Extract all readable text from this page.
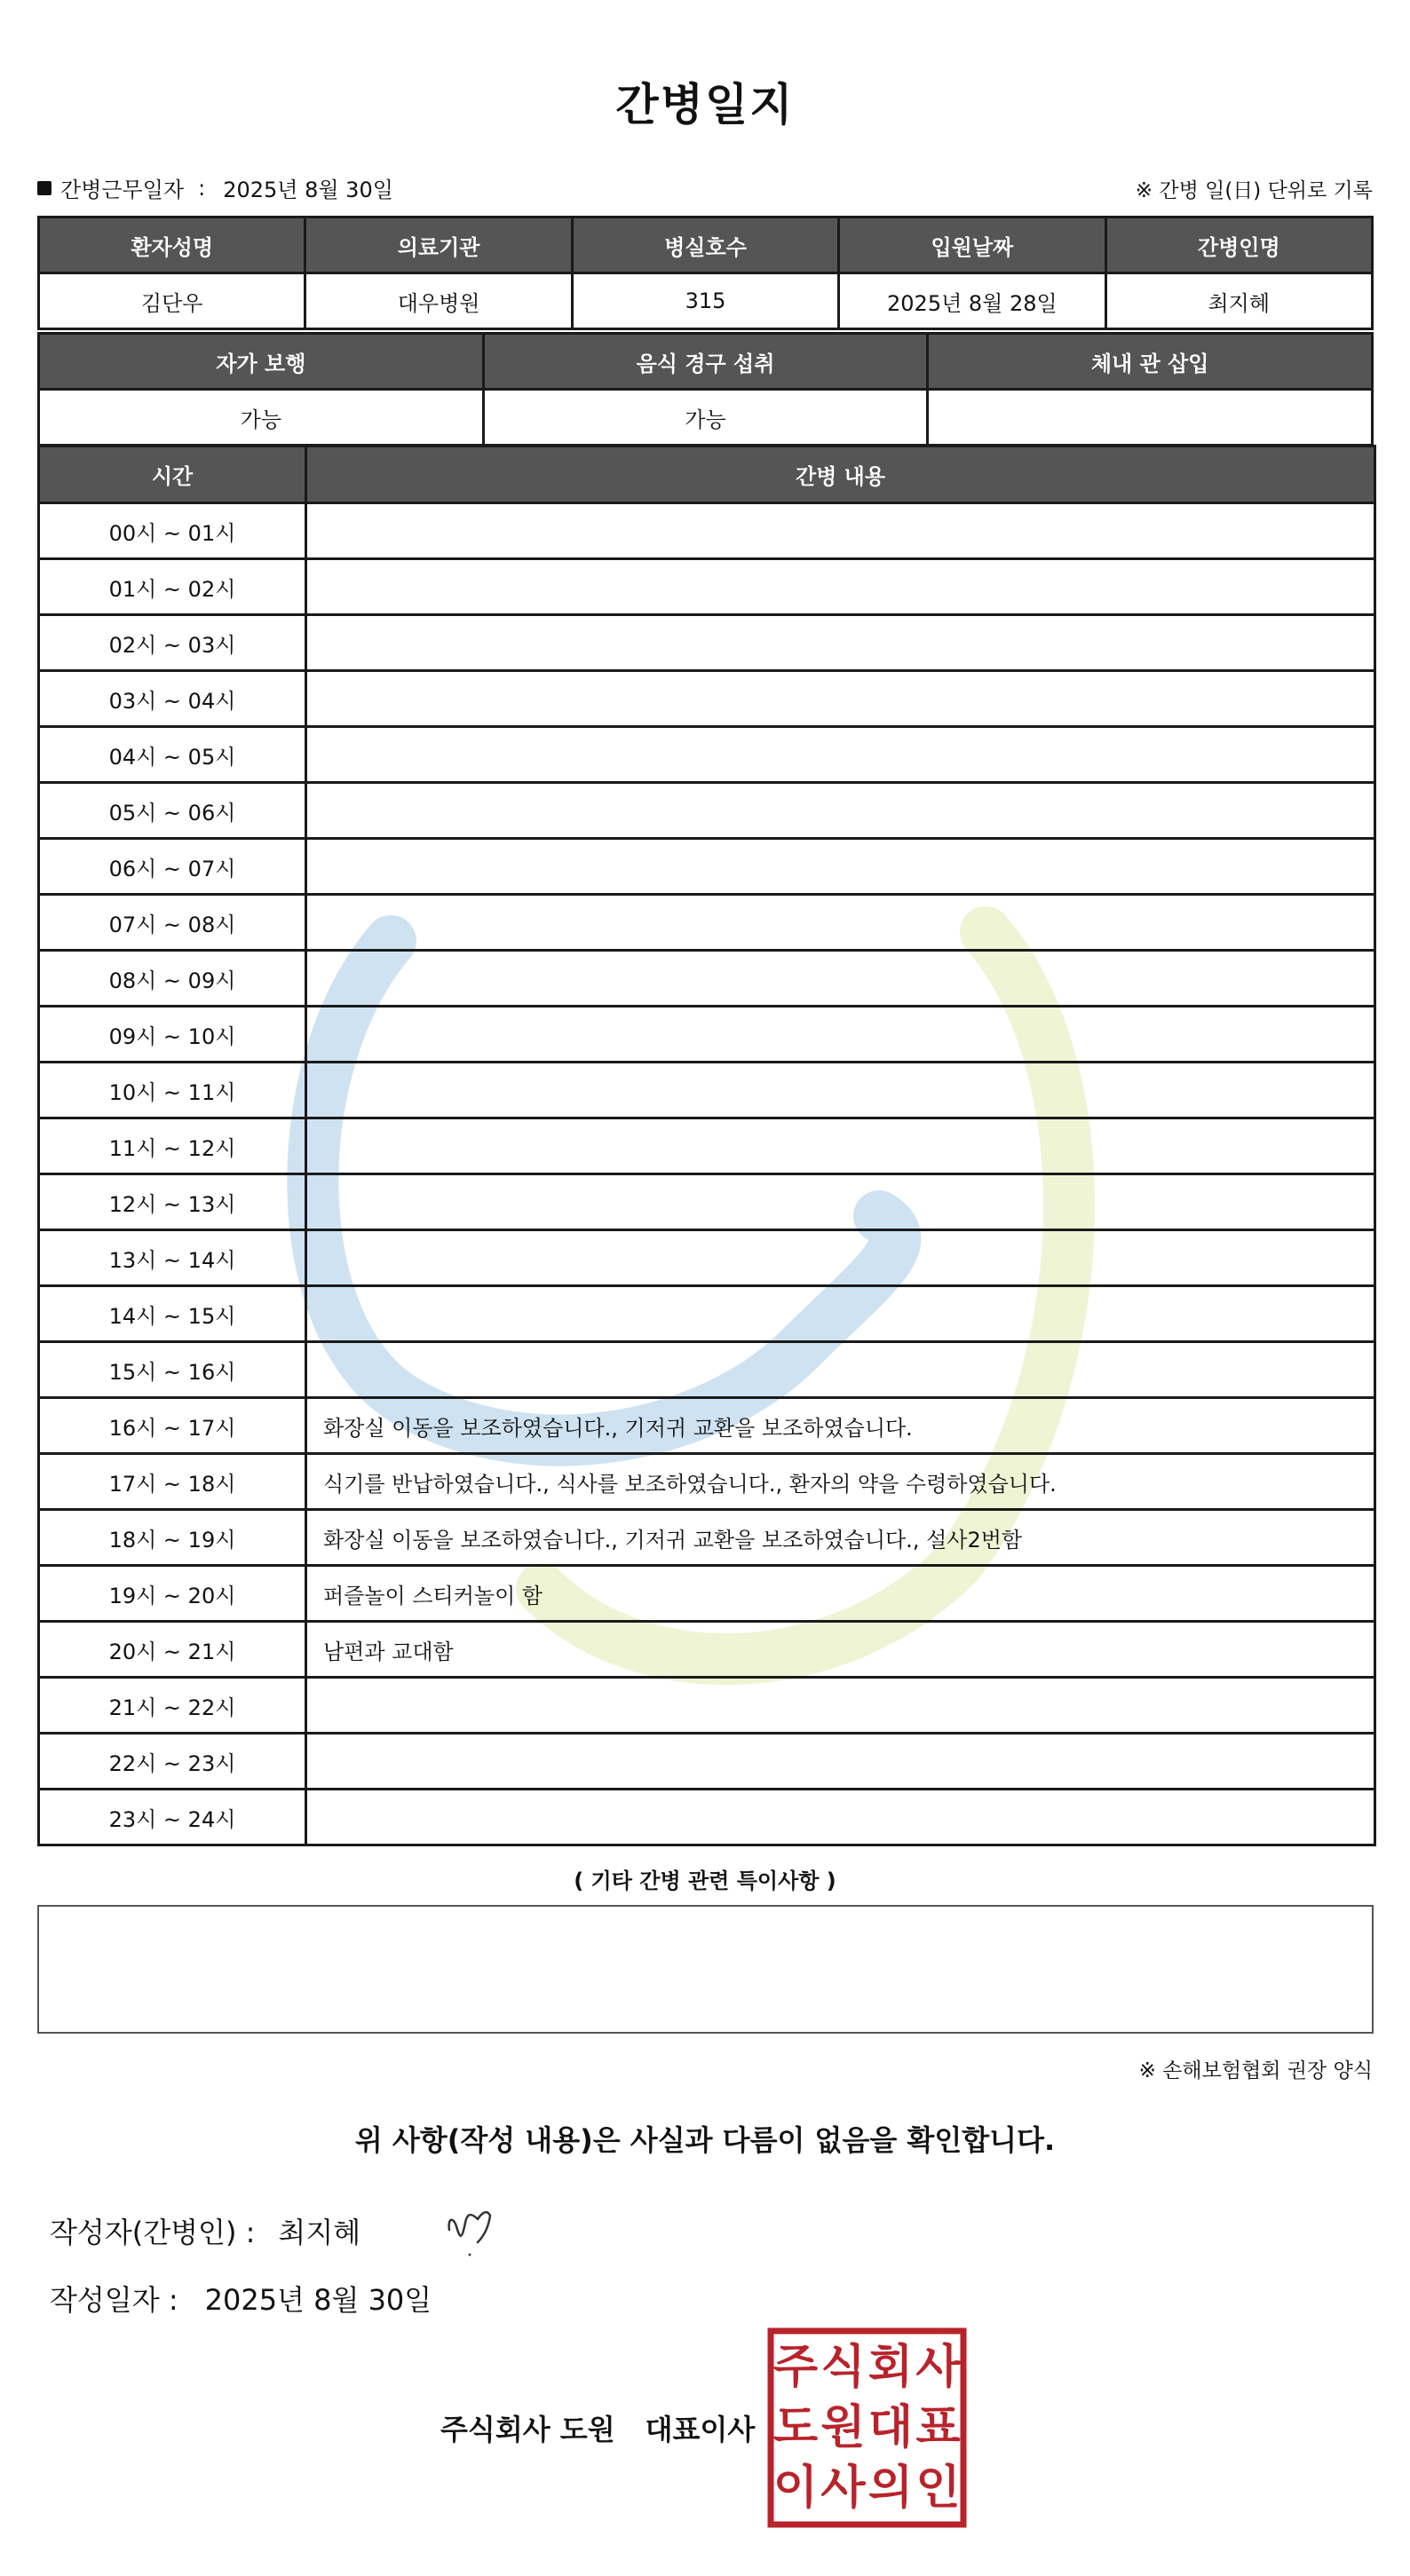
간병일지
간병근무일자 : 2025년 8월 30일	※ 간병 일(日) 단위로 기록
환자성명	의료기관	병실호수	입원날짜	간병인명
김단우	대우병원	315	2025년 8월 28일	최지혜
자가 보행	음식 경구 섭취	체내 관 삽입
가능	가능	
시간	간병 내용
00시 ~ 01시	
01시 ~ 02시	
02시 ~ 03시	
03시 ~ 04시	
04시 ~ 05시	
05시 ~ 06시	
06시 ~ 07시	
07시 ~ 08시	
08시 ~ 09시	
09시 ~ 10시	
10시 ~ 11시	
11시 ~ 12시	
12시 ~ 13시	
13시 ~ 14시	
14시 ~ 15시	
15시 ~ 16시	
16시 ~ 17시	화장실 이동을 보조하였습니다., 기저귀 교환을 보조하였습니다.
17시 ~ 18시	식기를 반납하였습니다., 식사를 보조하였습니다., 환자의 약을 수령하였습니다.
18시 ~ 19시	화장실 이동을 보조하였습니다., 기저귀 교환을 보조하였습니다., 설사2번함
19시 ~ 20시	퍼즐놀이 스티커놀이 함
20시 ~ 21시	남편과 교대함
21시 ~ 22시	
22시 ~ 23시	
23시 ~ 24시	
( 기타 간병 관련 특이사항 )
※ 손해보험협회 권장 양식
위 사항(작성 내용)은 사실과 다름이 없음을 확인합니다.
작성자(간병인) : 최지혜
작성일자 : 2025년 8월 30일
주식회사 도원 대표이사
주 식 회 사
도 원 대 표
이 사 의 인
